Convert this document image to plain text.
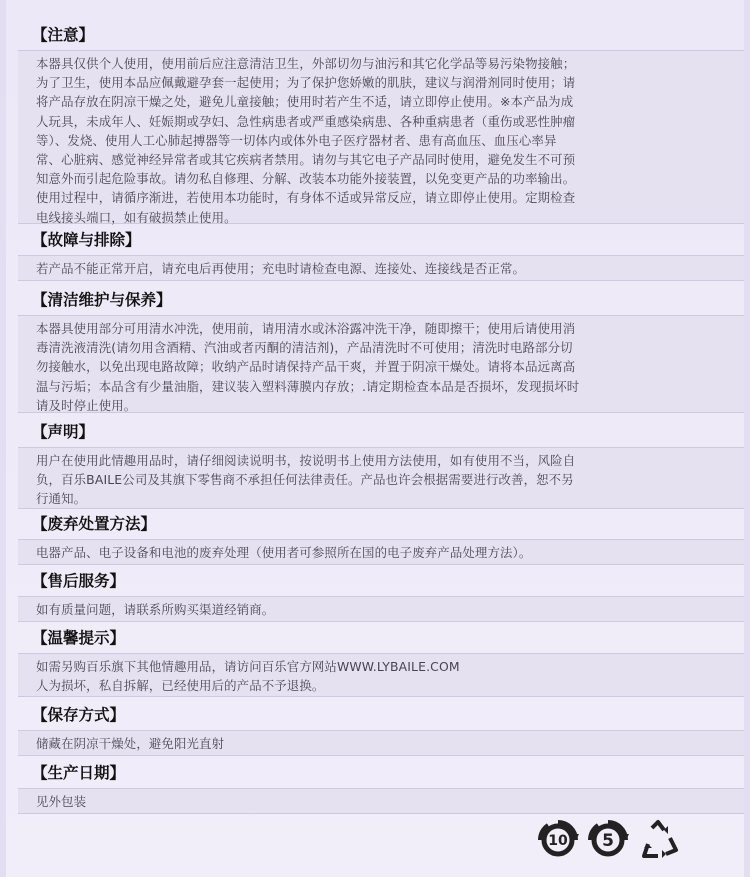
【注意】

本器具仅供个人使用，使用前后应注意清洁卫生，外部切勿与油污和其它化学品等易污染物接触；

为了卫生，使用本品应佩戴避孕套一起使用；为了保护您娇嫩的肌肤，建议与润滑剂同时使用；请

将产品存放在阴凉干燥之处，避免儿童接触；使用时若产生不适，请立即停止使用。※本产品为成

人玩具，未成年人、妊娠期或孕妇、急性病患者或严重感染病患、各种重病患者（重伤或恶性肿瘤

等）、发烧、使用人工心肺起搏器等一切体内或体外电子医疗器材者、患有高血压、血压心率异

常、心脏病、感觉神经异常者或其它疾病者禁用。请勿与其它电子产品同时使用，避免发生不可预

知意外而引起危险事故。请勿私自修理、分解、改装本功能外接装置，以免变更产品的功率输出。

使用过程中，请循序渐进，若使用本功能时，有身体不适或异常反应，请立即停止使用。定期检查

电线接头端口，如有破损禁止使用。

【故障与排除】

若产品不能正常开启，请充电后再使用；充电时请检查电源、连接处、连接线是否正常。

【清洁维护与保养】

本器具使用部分可用清水冲洗，使用前，请用清水或沐浴露冲洗干净，随即擦干；使用后请使用消

毒清洗液清洗(请勿用含酒精、汽油或者丙酮的清洁剂)，产品清洗时不可使用；清洗时电路部分切

勿接触水，以免出现电路故障；收纳产品时请保持产品干爽，并置于阴凉干燥处。请将本品远离高

温与污垢；本品含有少量油脂，建议装入塑料薄膜内存放；.请定期检查本品是否损坏，发现损坏时

请及时停止使用。

【声明】

用户在使用此情趣用品时，请仔细阅读说明书，按说明书上使用方法使用，如有使用不当，风险自

负，百乐BAILE公司及其旗下零售商不承担任何法律责任。产品也许会根据需要进行改善，恕不另

行通知。

【废弃处置方法】

电器产品、电子设备和电池的废弃处理（使用者可参照所在国的电子废弃产品处理方法）。

【售后服务】

如有质量问题，请联系所购买渠道经销商。

【温馨提示】

如需另购百乐旗下其他情趣用品，请访问百乐官方网站WWW.LYBAILE.COM

人为损坏，私自拆解，已经使用后的产品不予退换。

【保存方式】

储藏在阴凉干燥处，避免阳光直射

【生产日期】

见外包装

10 5
